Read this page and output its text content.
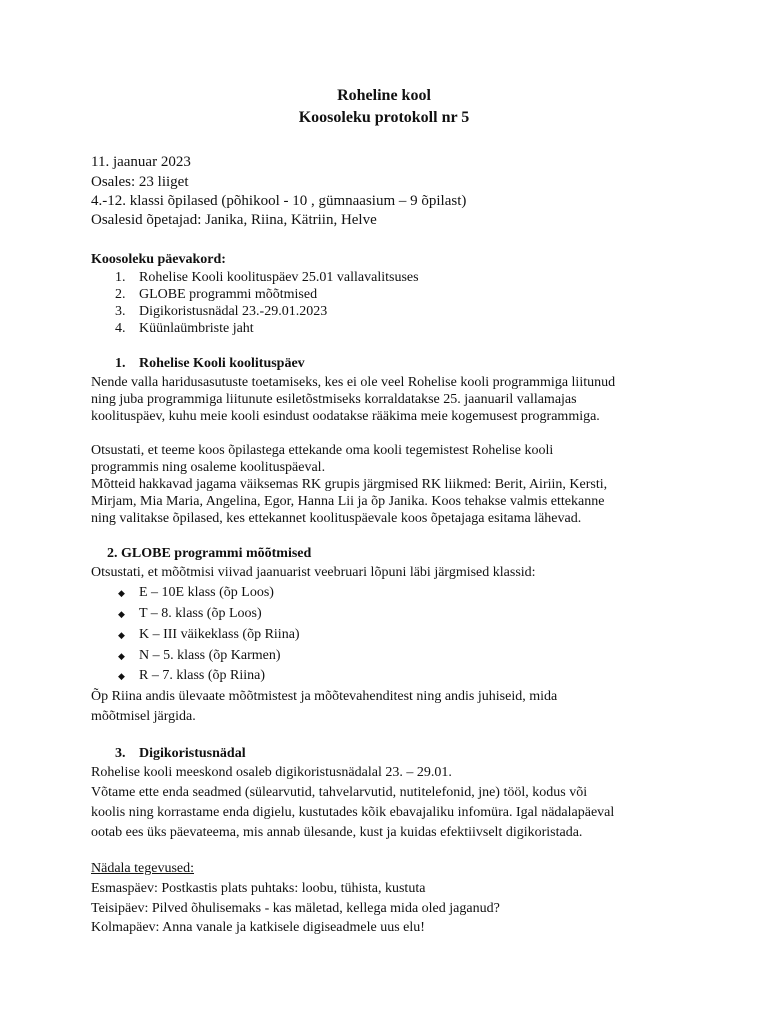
Roheline kool
Koosoleku protokoll nr 5
11. jaanuar 2023
Osales: 23 liiget
4.-12. klassi õpilased (põhikool - 10 , gümnaasium – 9 õpilast)
Osalesid õpetajad: Janika, Riina, Kätriin, Helve
Koosoleku päevakord:
1. Rohelise Kooli koolituspäev 25.01 vallavalitsuses
2. GLOBE programmi mõõtmised
3. Digikoristusnädal 23.-29.01.2023
4. Küünlaümbriste jaht
1. Rohelise Kooli koolituspäev
Nende valla haridusasutuste toetamiseks, kes ei ole veel Rohelise kooli programmiga liitunud
ning juba programmiga liitunute esiletõstmiseks korraldatakse 25. jaanuaril vallamajas
koolituspäev, kuhu meie kooli esindust oodatakse rääkima meie kogemusest programmiga.
Otsustati, et teeme koos õpilastega ettekande oma kooli tegemistest Rohelise kooli
programmis ning osaleme koolituspäeval.
Mõtteid hakkavad jagama väiksemas RK grupis järgmised RK liikmed: Berit, Airiin, Kersti,
Mirjam, Mia Maria, Angelina, Egor, Hanna Lii ja õp Janika. Koos tehakse valmis ettekanne
ning valitakse õpilased, kes ettekannet koolituspäevale koos õpetajaga esitama lähevad.
2. GLOBE programmi mõõtmised
Otsustati, et mõõtmisi viivad jaanuarist veebruari lõpuni läbi järgmised klassid:
◆ E – 10E klass (õp Loos)
◆ T – 8. klass (õp Loos)
◆ K – III väikeklass (õp Riina)
◆ N – 5. klass (õp Karmen)
◆ R – 7. klass (õp Riina)
Õp Riina andis ülevaate mõõtmistest ja mõõtevahenditest ning andis juhiseid, mida
mõõtmisel järgida.
3. Digikoristusnädal
Rohelise kooli meeskond osaleb digikoristusnädalal 23. – 29.01.
Võtame ette enda seadmed (sülearvutid, tahvelarvutid, nutitelefonid, jne) tööl, kodus või
koolis ning korrastame enda digielu, kustutades kõik ebavajaliku infomüra. Igal nädalapäeval
ootab ees üks päevateema, mis annab ülesande, kust ja kuidas efektiivselt digikoristada.
Nädala tegevused:
Esmaspäev: Postkastis plats puhtaks: loobu, tühista, kustuta
Teisipäev: Pilved õhulisemaks - kas mäletad, kellega mida oled jaganud?
Kolmapäev: Anna vanale ja katkisele digiseadmele uus elu!
